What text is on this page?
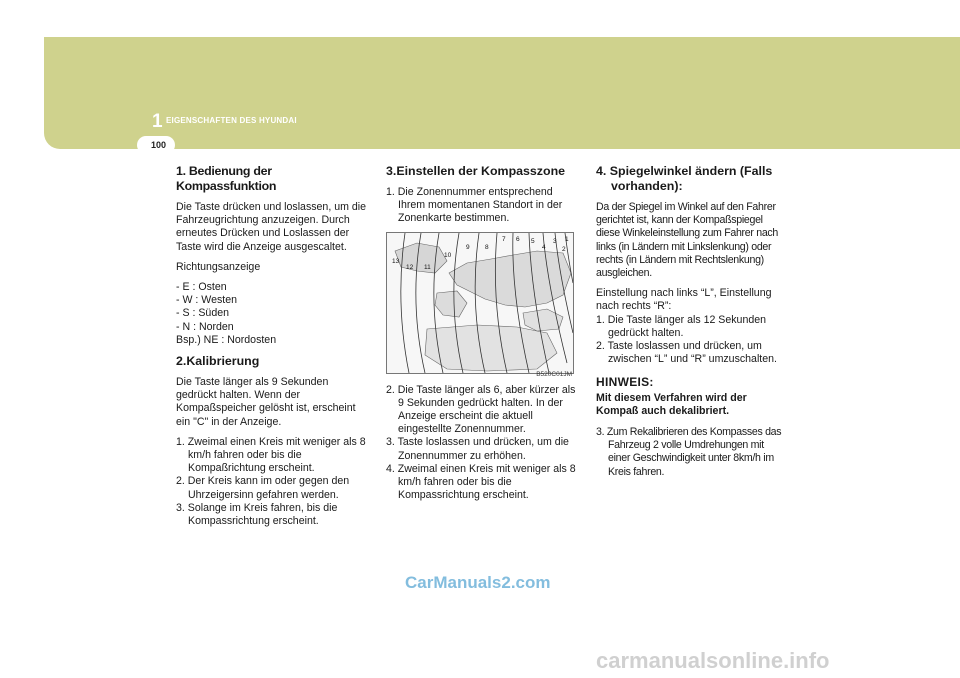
1 EIGENSCHAFTEN DES HYUNDAI
100
1. Bedienung der Kompassfunktion

Die Taste drücken und loslassen, um die Fahrzeugrichtung anzuzeigen. Durch erneutes Drücken und Loslassen der Taste wird die Anzeige ausgescaltet.

Richtungsanzeige

- E : Osten
- W : Westen
- S : Süden
- N : Norden
Bsp.) NE : Nordosten
2.Kalibrierung

Die Taste länger als 9 Sekunden gedrückt halten. Wenn der Kompaßspeicher gelösht ist, erscheint ein "C" in der Anzeige.

1. Zweimal einen Kreis mit weniger als 8 km/h fahren oder bis die Kompaßrichtung erscheint.
2. Der Kreis kann im oder gegen den Uhrzeigersinn gefahren werden.
3. Solange im Kreis fahren, bis die Kompassrichtung erscheint.
3.Einstellen der Kompasszone
1. Die Zonennummer entsprechend Ihrem momentanen Standort in der Zonenkarte bestimmen.
13
12 11
10
9 8
7 6 5
4
3
2
1
B520C01JM
2. Die Taste länger als 6, aber kürzer als 9 Sekunden gedrückt halten. In der Anzeige erscheint die aktuell eingestellte Zonennummer.
3. Taste loslassen und drücken, um die Zonennummer zu erhöhen.
4. Zweimal einen Kreis mit weniger als 8 km/h fahren oder bis die Kompassrichtung erscheint.
4. Spiegelwinkel ändern (Falls vorhanden):

Da der Spiegel im Winkel auf den Fahrer gerichtet ist, kann der Kompaßspiegel diese Winkeleinstellung zum Fahrer nach links (in Ländern mit Linkslenkung) oder rechts (in Ländern mit Rechtslenkung) ausgleichen.

Einstellung nach links “L”, Einstellung nach rechts “R”:

1. Die Taste länger als 12 Sekunden gedrückt halten.
2. Taste loslassen und drücken, um zwischen “L” und “R” umzuschalten.
HINWEIS:
Mit diesem Verfahren wird der Kompaß auch dekalibriert.
3. Zum Rekalibrieren des Kompasses das Fahrzeug 2 volle Umdrehungen mit einer Geschwindigkeit unter 8km/h im Kreis fahren.
CarManuals2.com
carmanualsonline.info
